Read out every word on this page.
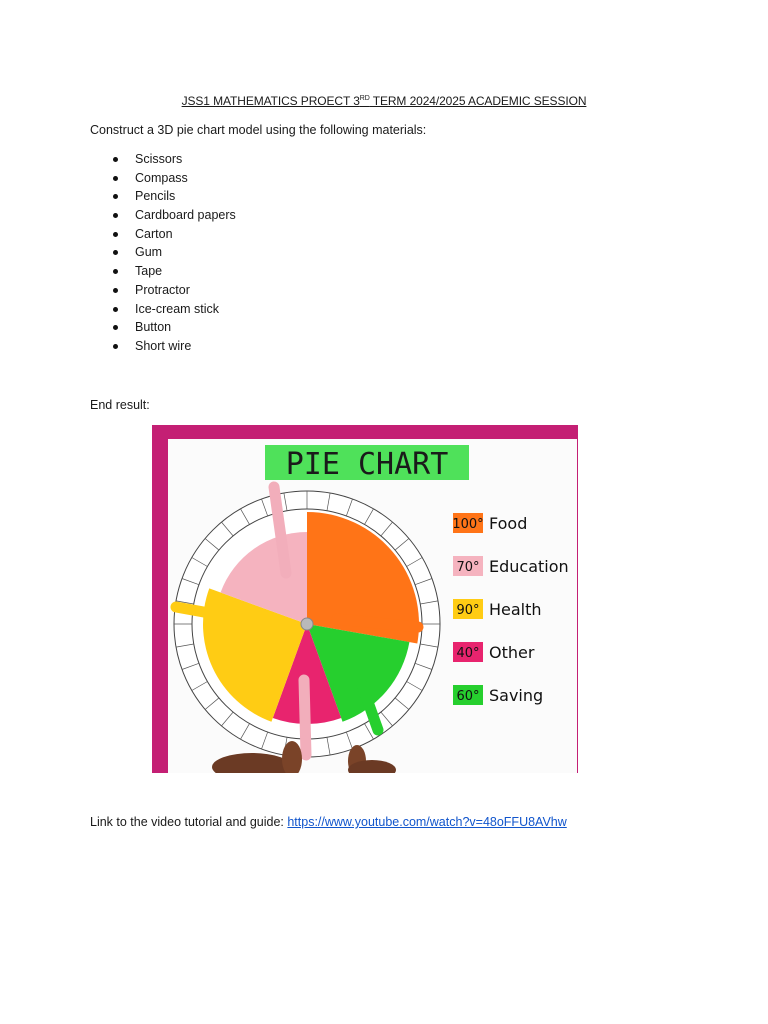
JSS1 MATHEMATICS PROECT 3RD TERM 2024/2025 ACADEMIC SESSION
Construct a 3D pie chart model using the following materials:
Scissors
Compass
Pencils
Cardboard papers
Carton
Gum
Tape
Protractor
Ice-cream stick
Button
Short wire
End result:
PIE CHART
100° Food
70° Education
90° Health
40° Other
60° Saving
Link to the video tutorial and guide: https://www.youtube.com/watch?v=48oFFU8AVhw
